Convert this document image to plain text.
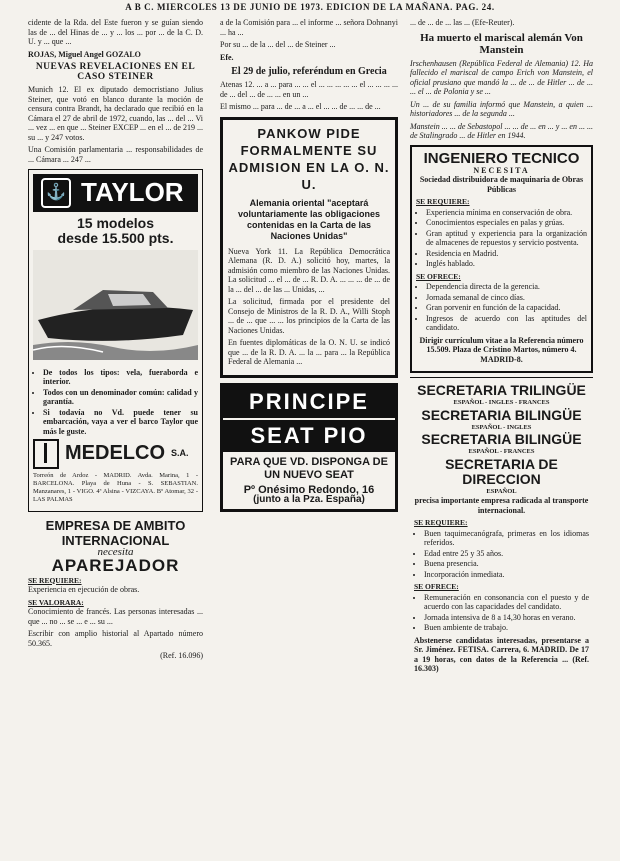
A B C. MIERCOLES 13 DE JUNIO DE 1973. EDICION DE LA MAÑANA. PAG. 24.

cidente de la Rda. del Este fueron y se guían siendo las de ... del Hinas de ... y ... los ... por ... de la C. D. U. y ... que ...

ROJAS, Miguel Angel GOZALO

NUEVAS REVELACIONES EN EL CASO STEINER

Munich 12. El ex diputado democristiano Julius Steiner, que votó en blanco durante la moción de censura contra Brandt, ha declarado que recibió en la Cámara el 27 de abril de 1972, cuando, las ... del ... Vi ... vez ... en que ... Steiner EXCEP ... en el ... de 219 ... su ... y 247 votos.

Una Comisión parlamentaria ... responsabilidades de ... Cámara ... 247 ...

⚓ TAYLOR
15 modelos
desde 15.500 pts.
• De todos los tipos: vela, fueraborda e interior.
• Todos con un denominador común: calidad y garantía.
• Si todavía no Vd. puede tener su embarcación, vaya a ver el barco Taylor que más le guste.
MEDELCO S.A.

Torreón de Ardoz - MADRID. Avda. Marina, 1 - BARCELONA. Playa de Huna - S. SEBASTIAN. Manzanares, 1 - VIGO. 4ª Alsina - VIZCAYA. Bº Atomar, 32 - LAS PALMAS

EMPRESA DE AMBITO INTERNACIONAL
necesita
APAREJADOR
SE REQUIERE:

Experiencia en ejecución de obras.

SE VALORARA:

Conocimiento de francés. Las personas interesadas ... que ... no ... se ... e ... su ...

Escribir con amplio historial al Apartado número 50.365.

(Ref. 16.096)

a de la Comisión para ... el informe ... señora Dohnanyi ... ha ...

Por su ... de la ... del ... de Steiner ...

Efe.

El 29 de julio, referéndum en Grecia

Atenas 12. ... a ... para ... ... el ... ... ... ... ... el ... ... ... ... de ... del ... de ... ... en un ...

El mismo ... para ... de ... a ... el ... ... de ... ... de ...

PANKOW PIDE FORMALMENTE SU ADMISION EN LA O. N. U.

Alemania oriental "aceptará voluntariamente las obligaciones contenidas en la Carta de las Naciones Unidas"

Nueva York 11. La República Democrática Alemana (R. D. A.) solicitó hoy, martes, la admisión como miembro de las Naciones Unidas. La solicitud ... el ... de ... R. D. A. ... ... ... de ... de la ... del ... de las ... Unidas, ...

La solicitud, firmada por el presidente del Consejo de Ministros de la R. D. A., Willi Stoph ... de ... que ... ... los principios de la Carta de las Naciones Unidas.

En fuentes diplomáticas de la O. N. U. se indicó que ... de la R. D. A. ... la ... para ... la República Federal de Alemania ...

PRINCIPE
SEAT PIO
PARA QUE VD. DISPONGA DE UN NUEVO SEAT
Pº Onésimo Redondo, 16
(junto a la Pza. España)

... de ... de ... las ... (Efe-Reuter).

Ha muerto el mariscal alemán Von Manstein

Irschenhausen (República Federal de Alemania) 12. Ha fallecido el mariscal de campo Erich von Manstein, el oficial prusiano que mandó la ... de ... de Hitler ... de ... ... el ... de Polonia y se ...

Un ... de su familia informó que Manstein, a quien ... historiadores ... de la segunda ...

Manstein ... ... de Sebastopol ... ... de ... en ... y ... en ... ... de Stalingrado ... de Hitler en 1944.

INGENIERO TECNICO
NECESITA

Sociedad distribuidora de maquinaria de Obras Públicas

SE REQUIERE:
• Experiencia mínima en conservación de obra.
• Conocimientos especiales en palas y grúas.
• Gran aptitud y experiencia para la organización de almacenes de repuestos y servicio postventa.
• Residencia en Madrid.
• Inglés hablado.
SE OFRECE:
• Dependencia directa de la gerencia.
• Jornada semanal de cinco días.
• Gran porvenir en función de la capacidad.
• Ingresos de acuerdo con las aptitudes del candidato.

Dirigir currículum vitae a la Referencia número 15.509. Plaza de Cristino Martos, número 4. MADRID-8.

SECRETARIA TRILINGÜE
ESPAÑOL - INGLES - FRANCES
SECRETARIA BILINGÜE
ESPAÑOL - INGLES
SECRETARIA BILINGÜE
ESPAÑOL - FRANCES
SECRETARIA DE DIRECCION
ESPAÑOL

precisa importante empresa radicada al transporte internacional.

SE REQUIERE:
• Buen taquimecanógrafa, primeras en los idiomas referidos.
• Edad entre 25 y 35 años.
• Buena presencia.
• Incorporación inmediata.
SE OFRECE:
• Remuneración en consonancia con el puesto y de acuerdo con las capacidades del candidato.
• Jornada intensiva de 8 a 14,30 horas en verano.
• Buen ambiente de trabajo.

Abstenerse candidatas interesadas, presentarse a Sr. Jiménez. FETISA. Carrera, 6. MADRID. De 17 a 19 horas, con datos de la Referencia ... (Ref. 16.303)
